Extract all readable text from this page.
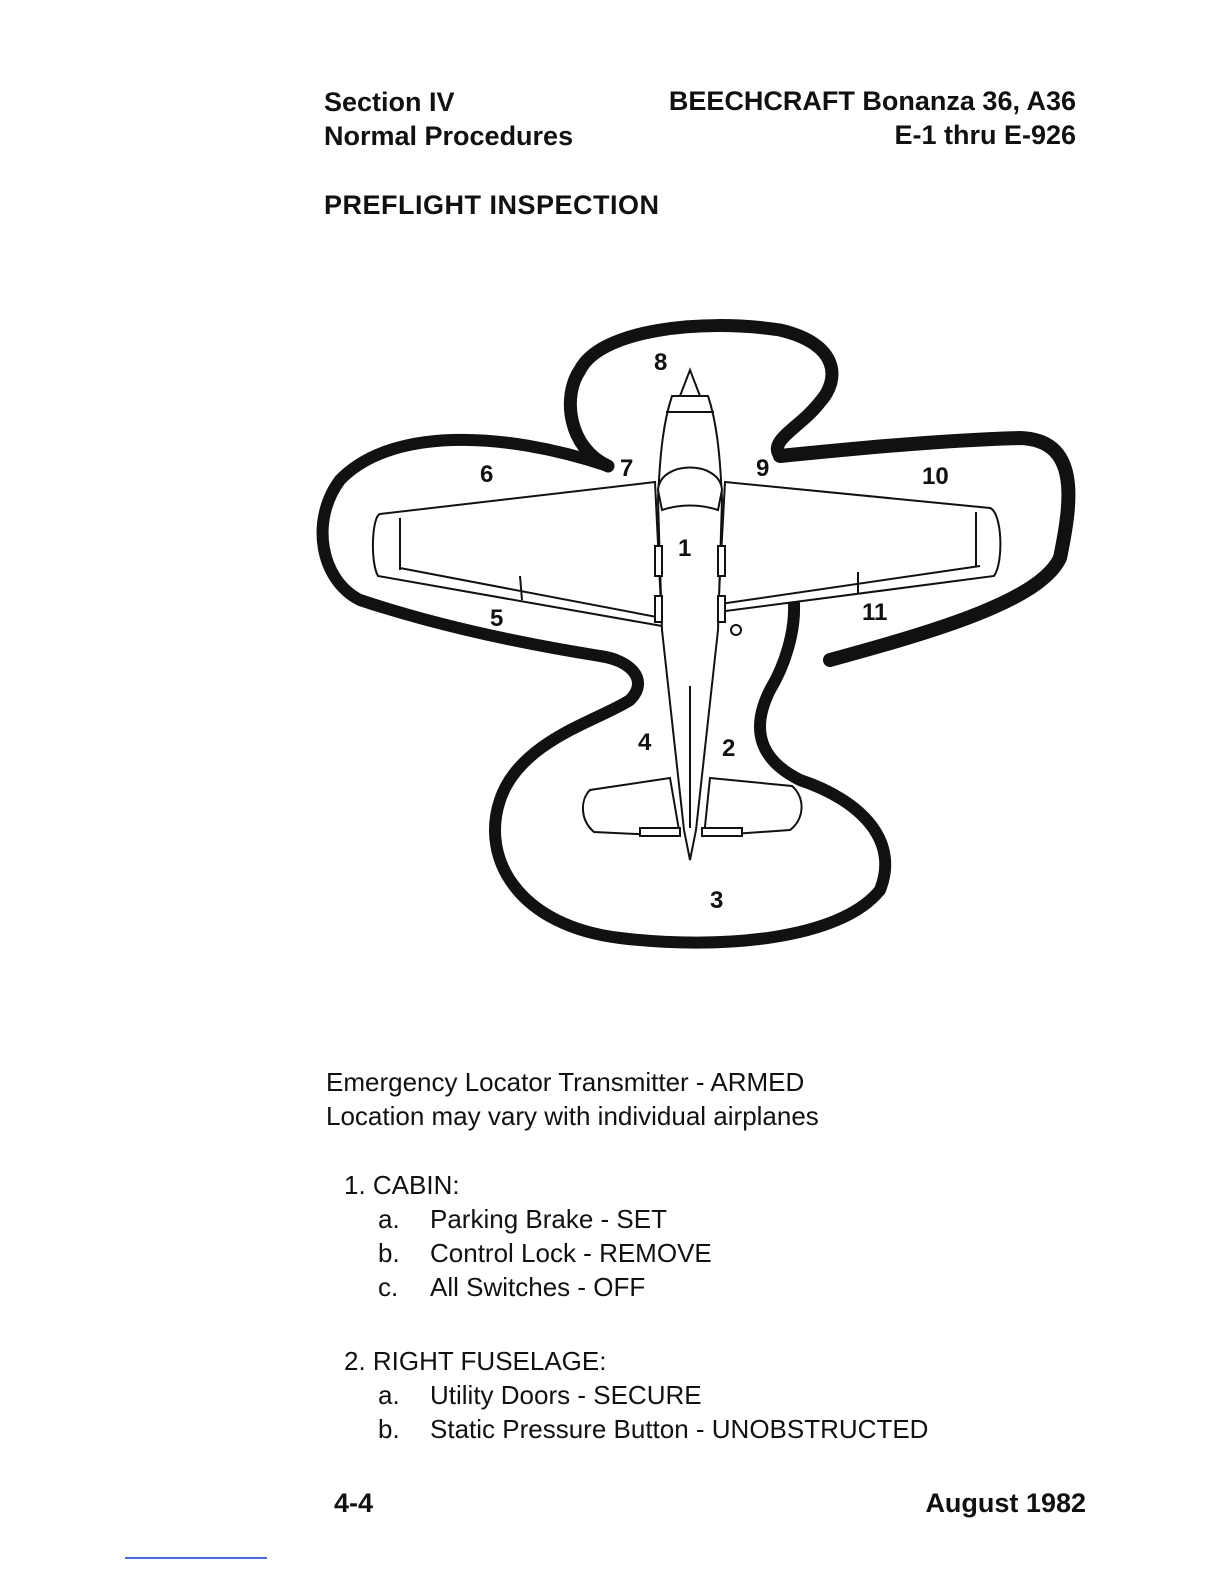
Section IV
Normal Procedures
BEECHCRAFT Bonanza 36, A36
E-1 thru E-926
PREFLIGHT INSPECTION
8
6	7	9	10
1
5	11
4	2
3
Emergency Locator Transmitter - ARMED
Location may vary with individual airplanes
1. CABIN:
a.	Parking Brake - SET
b.	Control Lock - REMOVE
c.	All Switches - OFF
2. RIGHT FUSELAGE:
a.	Utility Doors - SECURE
b.	Static Pressure Button - UNOBSTRUCTED
4-4	August 1982
